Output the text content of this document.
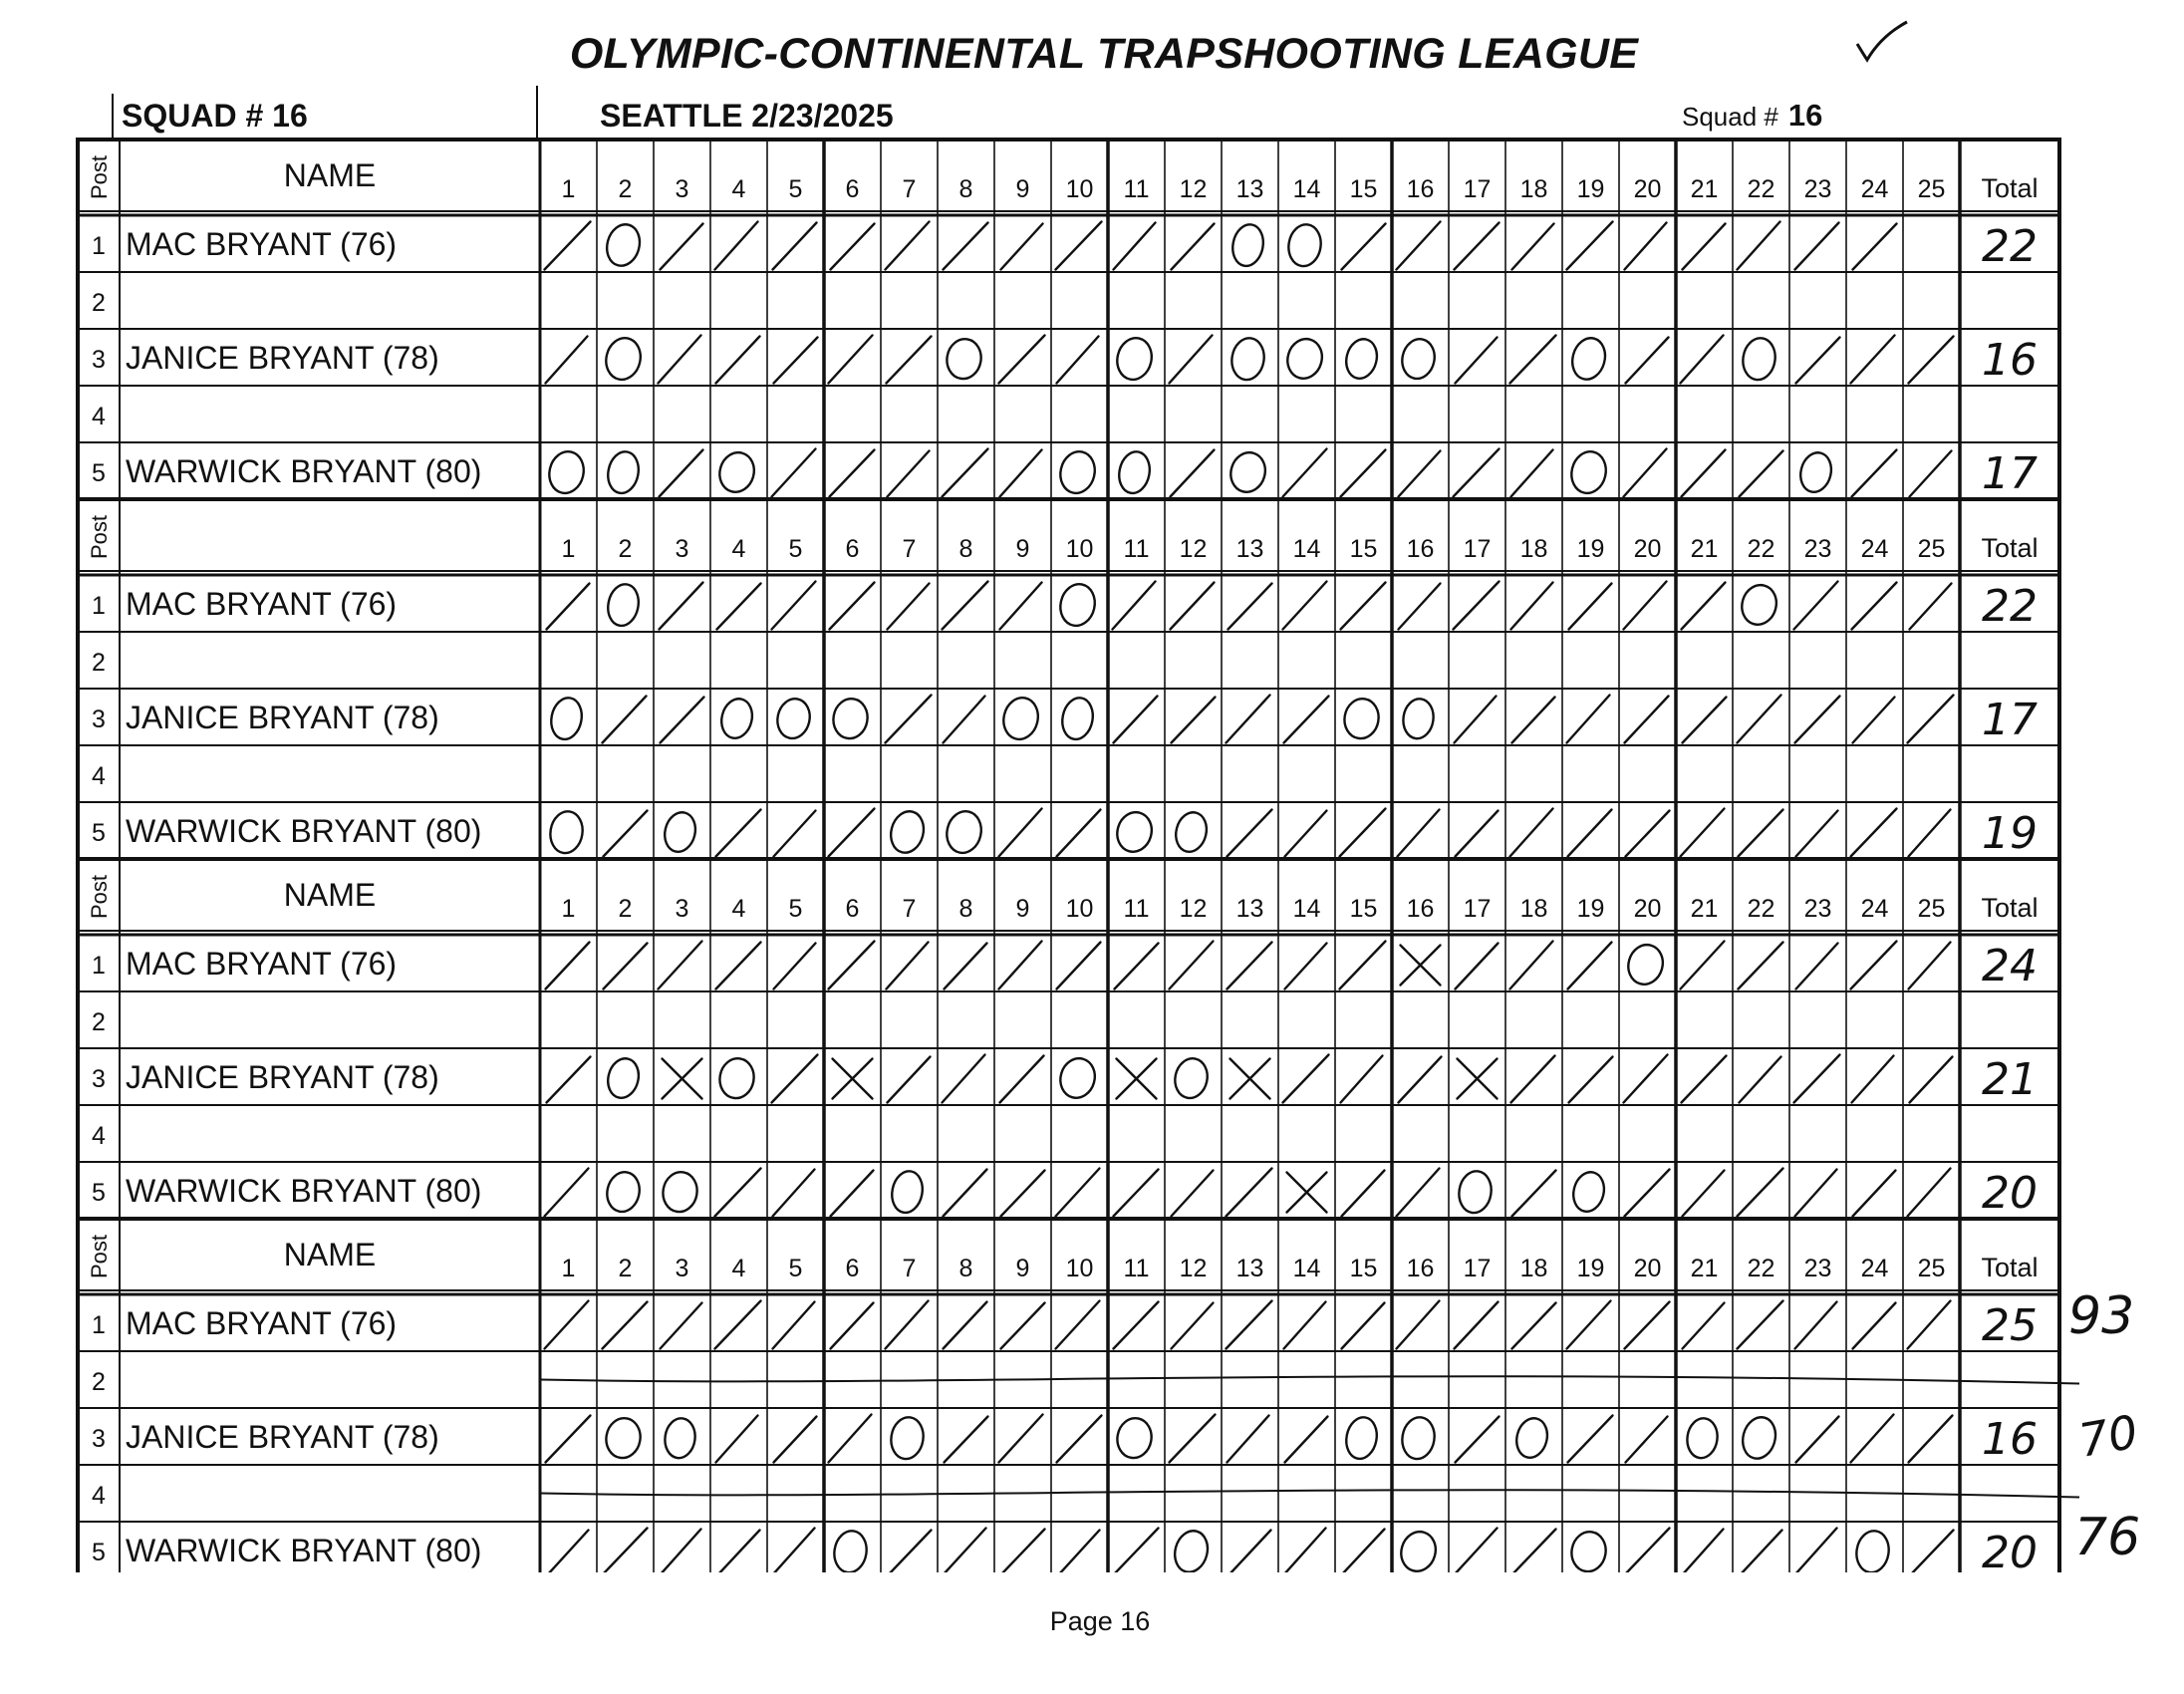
OLYMPIC-CONTINENTAL TRAPSHOOTING LEAGUE
SQUAD # 16	SEATTLE 2/23/2025	Squad # 16
Post	NAME	1 2 3 4 5 6 7 8 9 10 11 12 13 14 15 16 17 18 19 20 21 22 23 24 25 Total
1 MAC BRYANT (76)	22
2
3 JANICE BRYANT (78)	16
4
5 WARWICK BRYANT (80)	17
Post	1 2 3 4 5 6 7 8 9 10 11 12 13 14 15 16 17 18 19 20 21 22 23 24 25 Total
1 MAC BRYANT (76)	22
2
3 JANICE BRYANT (78)	17
4
5 WARWICK BRYANT (80)	19
Post	NAME	1 2 3 4 5 6 7 8 9 10 11 12 13 14 15 16 17 18 19 20 21 22 23 24 25 Total
1 MAC BRYANT (76)	24
2
3 JANICE BRYANT (78)	21
4
5 WARWICK BRYANT (80)	20
Post	NAME	1 2 3 4 5 6 7 8 9 10 11 12 13 14 15 16 17 18 19 20 21 22 23 24 25 Total
1 MAC BRYANT (76)	25
2
3 JANICE BRYANT (78)	16
4
5 WARWICK BRYANT (80)	20
93
70
76
Page 16
